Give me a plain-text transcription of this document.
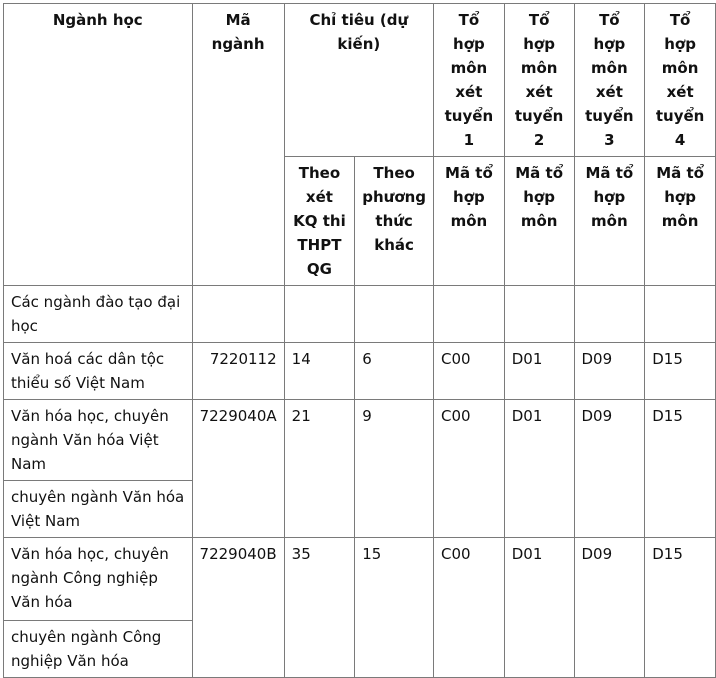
Ngành học	Mã ngành	Chỉ tiêu (dự kiến)		Tổ hợp môn xét tuyển 1	Tổ hợp môn xét tuyển 2	Tổ hợp môn xét tuyển 3	Tổ hợp môn xét tuyển 4
		Theo xét KQ thi THPT QG	Theo phương thức khác	Mã tổ hợp môn	Mã tổ hợp môn	Mã tổ hợp môn	Mã tổ hợp môn
Các ngành đào tạo đại học							
Văn hoá các dân tộc thiểu số Việt Nam	7220112	14	6	C00	D01	D09	D15
Văn hóa học, chuyên ngành Văn hóa Việt Nam	7229040A	21	9	C00	D01	D09	D15
chuyên ngành Văn hóa Việt Nam							
Văn hóa học, chuyên ngành Công nghiệp Văn hóa	7229040B	35	15	C00	D01	D09	D15
chuyên ngành Công nghiệp Văn hóa							
